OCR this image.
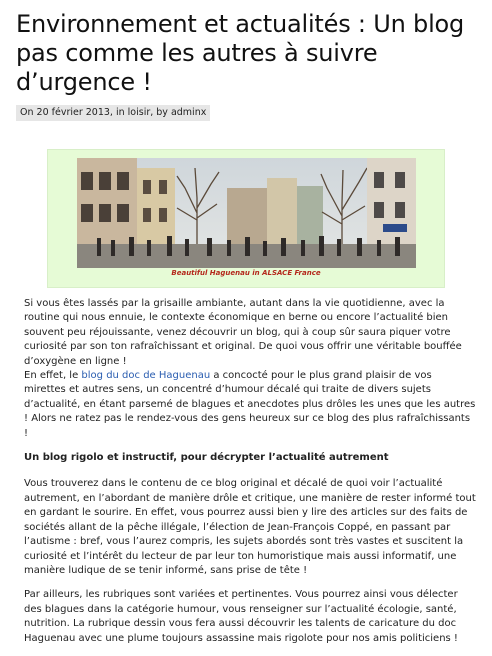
Environnement et actualités : Un blog pas comme les autres à suivre d’urgence !
On 20 février 2013, in loisir, by adminx
Beautiful Haguenau in ALSACE France

Si vous êtes lassés par la grisaille ambiante, autant dans la vie quotidienne, avec la routine qui nous ennuie, le contexte économique en berne ou encore l’actualité bien souvent peu réjouissante, venez découvrir un blog, qui à coup sûr saura piquer votre curiosité par son ton rafraîchissant et original. De quoi vous offrir une véritable bouffée d’oxygène en ligne !
En effet, le blog du doc de Haguenau a concocté pour le plus grand plaisir de vos mirettes et autres sens, un concentré d’humour décalé qui traite de divers sujets d’actualité, en étant parsemé de blagues et anecdotes plus drôles les unes que les autres ! Alors ne ratez pas le rendez-vous des gens heureux sur ce blog des plus rafraîchissants !

Un blog rigolo et instructif, pour décrypter l’actualité autrement

Vous trouverez dans le contenu de ce blog original et décalé de quoi voir l’actualité autrement, en l’abordant de manière drôle et critique, une manière de rester informé tout en gardant le sourire. En effet, vous pourrez aussi bien y lire des articles sur des faits de sociétés allant de la pêche illégale, l’élection de Jean-François Coppé, en passant par l’autisme : bref, vous l’aurez compris, les sujets abordés sont très vastes et suscitent la curiosité et l’intérêt du lecteur de par leur ton humoristique mais aussi informatif, une manière ludique de se tenir informé, sans prise de tête !

Par ailleurs, les rubriques sont variées et pertinentes. Vous pourrez ainsi vous délecter des blagues dans la catégorie humour, vous renseigner sur l’actualité écologie, santé, nutrition. La rubrique dessin vous fera aussi découvrir les talents de caricature du doc Haguenau avec une plume toujours assassine mais rigolote pour nos amis politiciens !
